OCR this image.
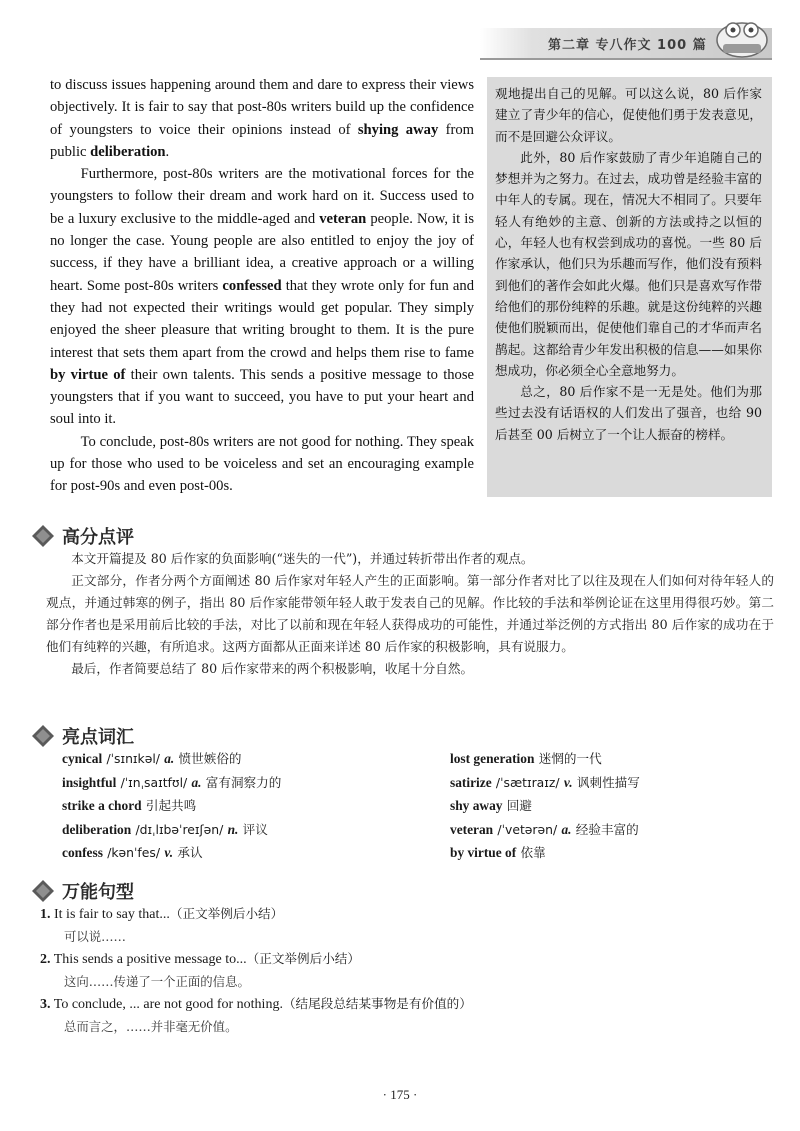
第二章 专八作文 100 篇

to discuss issues happening around them and dare to express their views objectively. It is fair to say that post-80s writers build up the confidence of youngsters to voice their opinions instead of shying away from public deliberation.

Furthermore, post-80s writers are the motivational forces for the youngsters to follow their dream and work hard on it. Success used to be a luxury exclusive to the middle-aged and veteran people. Now, it is no longer the case. Young people are also entitled to enjoy the joy of success, if they have a brilliant idea, a creative approach or a willing heart. Some post-80s writers confessed that they wrote only for fun and they had not expected their writings would get popular. They simply enjoyed the sheer pleasure that writing brought to them. It is the pure interest that sets them apart from the crowd and helps them rise to fame by virtue of their own talents. This sends a positive message to those youngsters that if you want to succeed, you have to put your heart and soul into it.

To conclude, post-80s writers are not good for nothing. They speak up for those who used to be voiceless and set an encouraging example for post-90s and even post-00s.

观地提出自己的见解。可以这么说，80 后作家建立了青少年的信心，促使他们勇于发表意见，而不是回避公众评议。

此外，80 后作家鼓励了青少年追随自己的梦想并为之努力。在过去，成功曾是经验丰富的中年人的专属。现在，情况大不相同了。只要年轻人有绝妙的主意、创新的方法或持之以恒的心，年轻人也有权尝到成功的喜悦。一些 80 后作家承认，他们只为乐趣而写作，他们没有预料到他们的著作会如此火爆。他们只是喜欢写作带给他们的那份纯粹的乐趣。就是这份纯粹的兴趣使他们脱颖而出，促使他们靠自己的才华而声名鹊起。这都给青少年发出积极的信息——如果你想成功，你必须全心全意地努力。

总之，80 后作家不是一无是处。他们为那些过去没有话语权的人们发出了强音，也给 90 后甚至 00 后树立了一个让人振奋的榜样。

高分点评

本文开篇提及 80 后作家的负面影响(“迷失的一代”)，并通过转折带出作者的观点。

正文部分，作者分两个方面阐述 80 后作家对年轻人产生的正面影响。第一部分作者对比了以往及现在人们如何对待年轻人的观点，并通过韩寒的例子，指出 80 后作家能带领年轻人敢于发表自己的见解。作比较的手法和举例论证在这里用得很巧妙。第二部分作者也是采用前后比较的手法，对比了以前和现在年轻人获得成功的可能性，并通过举泛例的方式指出 80 后作家的成功在于他们有纯粹的兴趣，有所追求。这两方面都从正面来详述 80 后作家的积极影响，具有说服力。

最后，作者简要总结了 80 后作家带来的两个积极影响，收尾十分自然。

亮点词汇
cynical /ˈsɪnɪkəl/ a. 愤世嫉俗的	lost generation 迷惘的一代
insightful /ˈɪnˌsaɪtfʊl/ a. 富有洞察力的	satirize /ˈsætɪraɪz/ v. 讽刺性描写
strike a chord 引起共鸣	shy away 回避
deliberation /dɪˌlɪbəˈreɪʃən/ n. 评议	veteran /ˈvetərən/ a. 经验丰富的
confess /kənˈfes/ v. 承认	by virtue of 依靠
万能句型
1. It is fair to say that...（正文举例后小结）
可以说……
2. This sends a positive message to...（正文举例后小结）
这向……传递了一个正面的信息。
3. To conclude, ... are not good for nothing.（结尾段总结某事物是有价值的）
总而言之，……并非毫无价值。
· 175 ·
